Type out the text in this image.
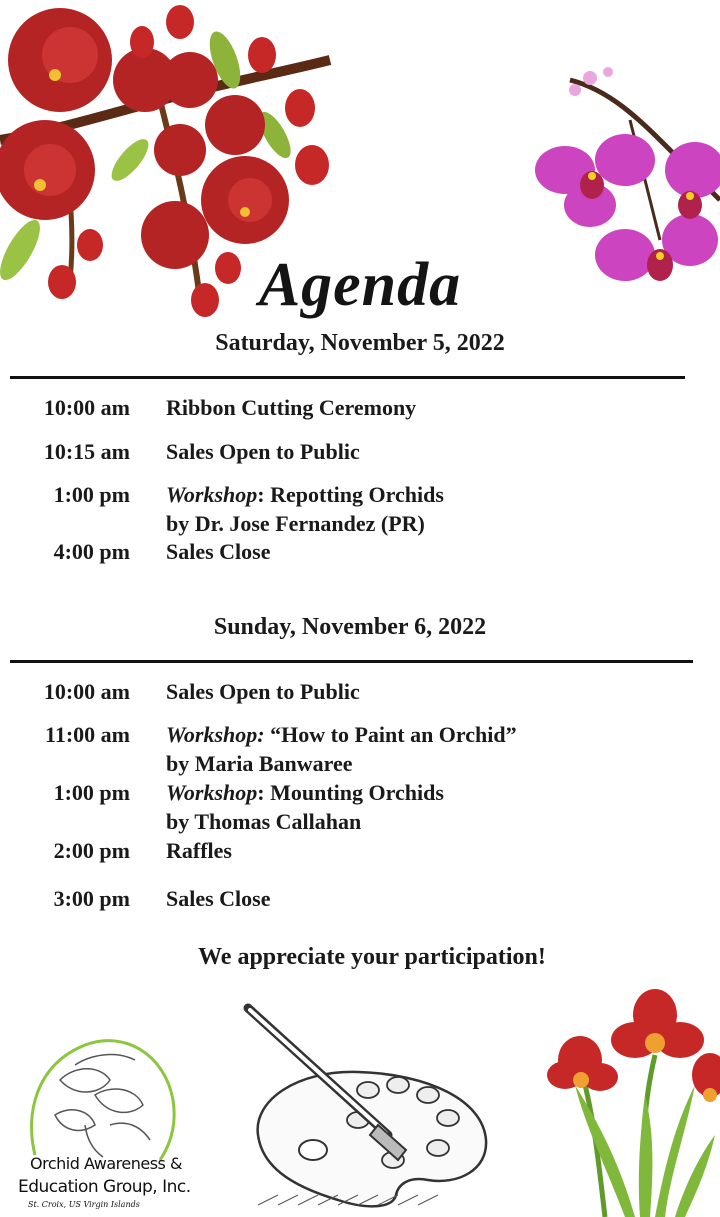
Agenda
Saturday, November 5, 2022
10:00 am Ribbon Cutting Ceremony
10:15 am Sales Open to Public
1:00 pm Workshop: Repotting Orchids
by Dr. Jose Fernandez (PR)
4:00 pm Sales Close
Sunday, November 6, 2022
10:00 am Sales Open to Public
11:00 am Workshop: “How to Paint an Orchid”
by Maria Banwaree
1:00 pm Workshop: Mounting Orchids
by Thomas Callahan
2:00 pm Raffles
3:00 pm Sales Close
We appreciate your participation!
Orchid Awareness &
Education Group, Inc.
St. Croix, US Virgin Islands
